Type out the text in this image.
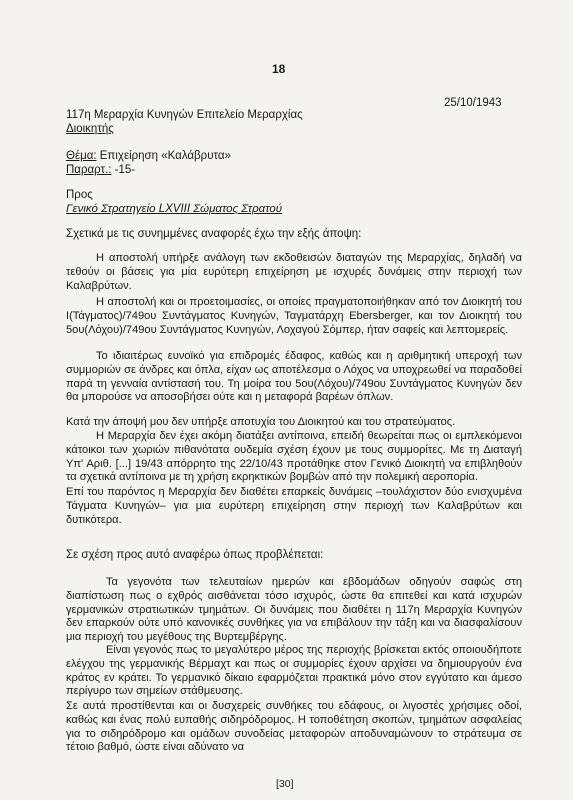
18
25/10/1943
117η Μεραρχία Κυνηγών Επιτελείο Μεραρχίας
Διοικητής
Θέμα: Επιχείρηση «Καλάβρυτα»
Παραρτ.: -15-
Προς
Γενικό Στρατηγείο LXVIII Σώματος Στρατού
Σχετικά με τις συνημμένες αναφορές έχω την εξής άποψη:
Η αποστολή υπήρξε ανάλογη των εκδοθεισών διαταγών της Μεραρχίας, δηλαδή να τεθούν οι βάσεις για μία ευρύτερη επιχείρηση με ισχυρές δυνάμεις στην περιοχή των Καλαβρύτων.
Η αποστολή και οι προετοιμασίες, οι οποίες πραγματοποιήθηκαν από τον Διοικητή του Ι(Τάγματος)/749ου Συντάγματος Κυνηγών, Ταγματάρχη Ebersberger, και τον Διοικητή του 5ου(Λόχου)/749ου Συντάγματος Κυνηγών, Λοχαγού Σόμπερ, ήταν σαφείς και λεπτομερείς.
Το ιδιαιτέρως ευνοϊκό για επιδρομές έδαφος, καθώς και η αριθμητική υπεροχή των συμμοριών σε άνδρες και όπλα, είχαν ως αποτέλεσμα ο Λόχος να υποχρεωθεί να παραδοθεί παρά τη γενναία αντίστασή του. Τη μοίρα του 5ου(Λόχου)/749ου Συντάγματος Κυνηγών δεν θα μπορούσε να αποσοβήσει ούτε και η μεταφορά βαρέων όπλων.
Κατά την άποψή μου δεν υπήρξε αποτυχία του Διοικητού και του στρατεύματος.
Η Μεραρχία δεν έχει ακόμη διατάξει αντίποινα, επειδή θεωρείται πως οι εμπλεκόμενοι κάτοικοι των χωριών πιθανότατα ουδεμία σχέση έχουν με τους συμμορίτες. Με τη Διαταγή Υπ' Αριθ. [...] 19/43 απόρρητο της 22/10/43 προτάθηκε στον Γενικό Διοικητή να επιβληθούν τα σχετικά αντίποινα με τη χρήση εκρηκτικών βομβών από την πολεμική αεροπορία.
Επί του παρόντος η Μεραρχία δεν διαθέτει επαρκείς δυνάμεις –τουλάχιστον δύο ενισχυμένα Τάγματα Κυνηγών– για μια ευρύτερη επιχείρηση στην περιοχή των Καλαβρύτων και δυτικότερα.
Σε σχέση προς αυτό αναφέρω όπως προβλέπεται:
Τα γεγονότα των τελευταίων ημερών και εβδομάδων οδηγούν σαφώς στη διαπίστωση πως ο εχθρός αισθάνεται τόσο ισχυρός, ώστε θα επιτεθεί και κατά ισχυρών γερμανικών στρατιωτικών τμημάτων. Οι δυνάμεις που διαθέτει η 117η Μεραρχία Κυνηγών δεν επαρκούν ούτε υπό κανονικές συνθήκες για να επιβάλουν την τάξη και να διασφαλίσουν μια περιοχή του μεγέθους της Βυρτεμβέργης.
Είναι γεγονός πως το μεγαλύτερο μέρος της περιοχής βρίσκεται εκτός οποιουδήποτε ελέγχου της γερμανικής Βέρμαχτ και πως οι συμμορίες έχουν αρχίσει να δημιουργούν ένα κράτος εν κράτει. Το γερμανικό δίκαιο εφαρμόζεται πρακτικά μόνο στον εγγύτατο και άμεσο περίγυρο των σημείων στάθμευσης.
Σε αυτά προστίθενται και οι δυσχερείς συνθήκες του εδάφους, οι λιγοστές χρήσιμες οδοί, καθώς και ένας πολύ ευπαθής σιδηρόδρομος. Η τοποθέτηση σκοπών, τμημάτων ασφαλείας για το σιδηρόδρομο και ομάδων συνοδείας μεταφορών απoδυναμώνουν το στράτευμα σε τέτοιο βαθμό, ώστε είναι αδύνατο να
[30]
